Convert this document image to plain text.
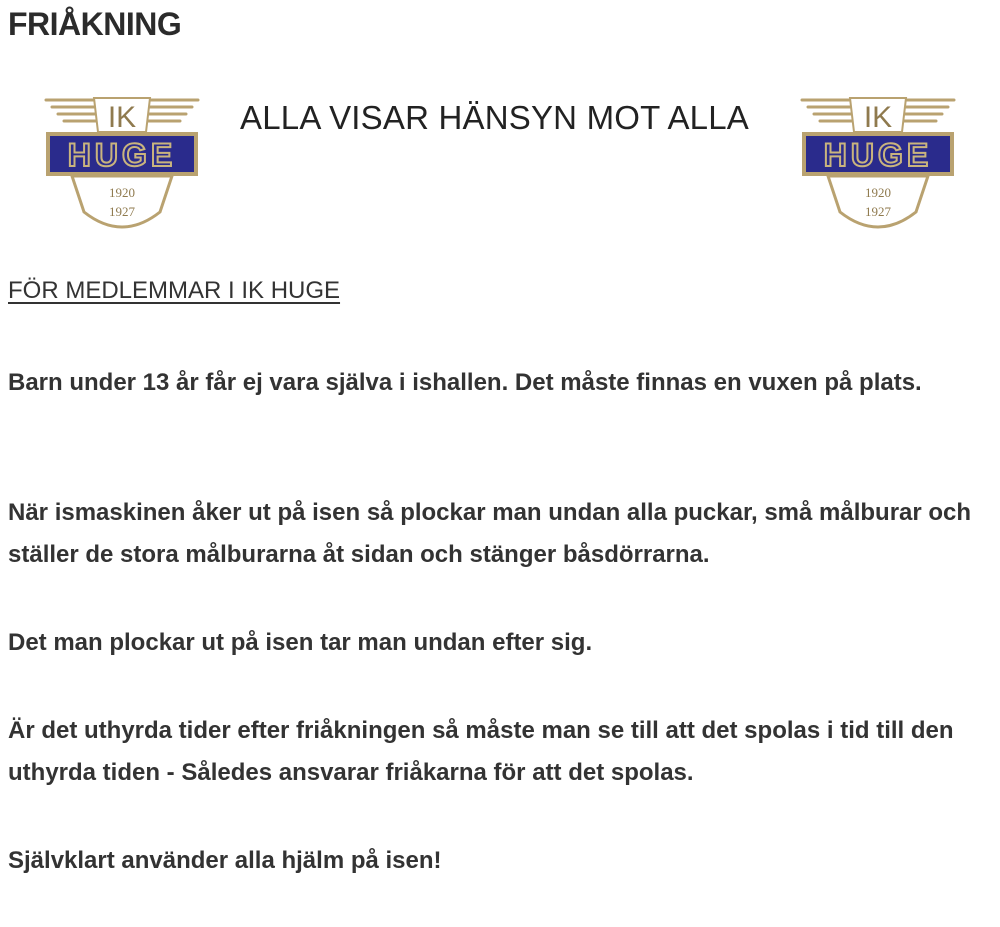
FRIÅKNING
IK
HUGE
1920
1927
ALLA VISAR HÄNSYN MOT ALLA	IK
HUGE
1920
1927
FÖR MEDLEMMAR I IK HUGE

Barn under 13 år får ej vara själva i ishallen. Det måste finnas en vuxen på plats.

När ismaskinen åker ut på isen så plockar man undan alla puckar, små målburar och ställer de stora målburarna åt sidan och stänger båsdörrarna.

Det man plockar ut på isen tar man undan efter sig.

Är det uthyrda tider efter friåkningen så måste man se till att det spolas i tid till den uthyrda tiden - Således ansvarar friåkarna för att det spolas.

Självklart använder alla hjälm på isen!
